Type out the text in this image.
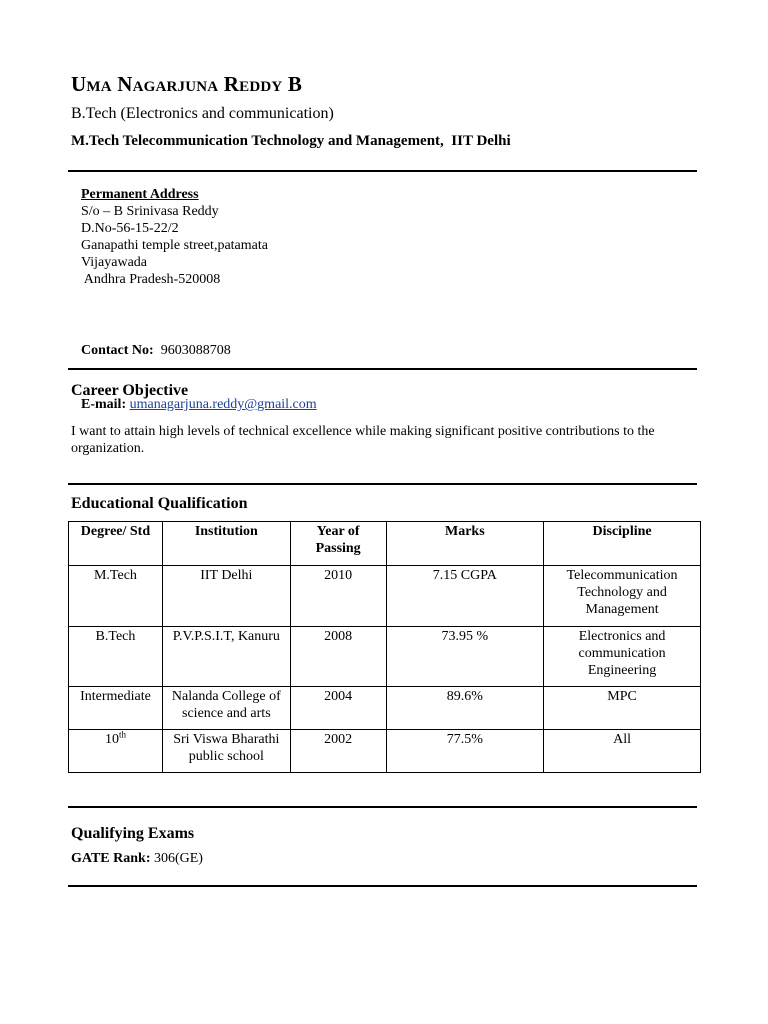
Uma Nagarjuna Reddy B
B.Tech (Electronics and communication)
M.Tech Telecommunication Technology and Management,  IIT Delhi
Permanent Address
S/o – B Srinivasa Reddy
D.No-56-15-22/2
Ganapathi temple street,patamata
Vijayawada
Andhra Pradesh-520008

Contact No: 9603088708

E-mail: umanagarjuna.reddy@gmail.com

Career Objective
I want to attain high levels of technical excellence while making significant positive contributions to the organization.
Educational Qualification
Degree/ Std	Institution	Year of Passing	Marks	Discipline
M.Tech	IIT Delhi	2010	7.15 CGPA	Telecommunication Technology and Management
B.Tech	P.V.P.S.I.T, Kanuru	2008	73.95 %	Electronics and communication Engineering
Intermediate	Nalanda College of science and arts	2004	89.6%	MPC
10th	Sri Viswa Bharathi public school	2002	77.5%	All
Qualifying Exams
GATE Rank: 306(GE)
